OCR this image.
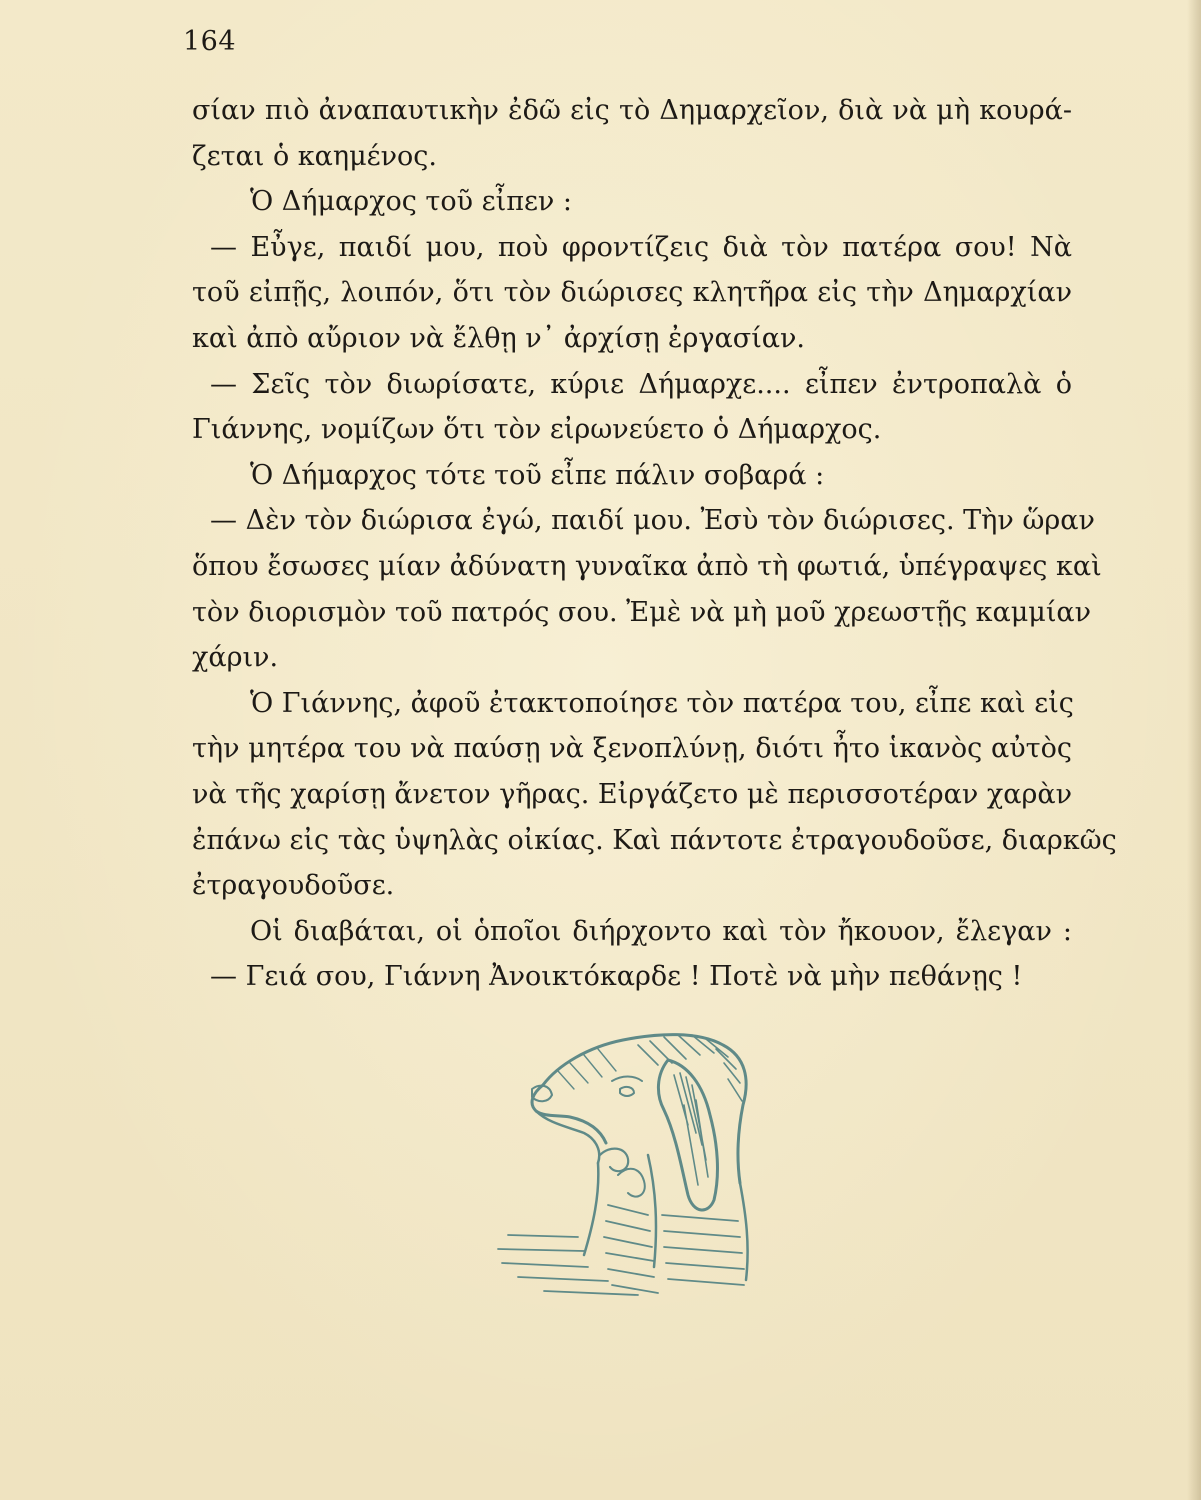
164
σίαν πιὸ ἀναπαυτικὴν ἐδῶ εἰς τὸ Δημαρχεῖον, διὰ νὰ μὴ κουρά-
ζεται ὁ καημένος.
Ὁ Δήμαρχος τοῦ εἶπεν :
— Εὖγε, παιδί μου, ποὺ φροντίζεις διὰ τὸν πατέρα σου! Νὰ
τοῦ εἰπῇς, λοιπόν, ὅτι τὸν διώρισες κλητῆρα εἰς τὴν Δημαρχίαν
καὶ ἀπὸ αὔριον νὰ ἔλθῃ ν᾽ ἀρχίσῃ ἐργασίαν.
— Σεῖς τὸν διωρίσατε, κύριε Δήμαρχε.... εἶπεν ἐντροπαλὰ ὁ
Γιάννης, νομίζων ὅτι τὸν εἰρωνεύετο ὁ Δήμαρχος.
Ὁ Δήμαρχος τότε τοῦ εἶπε πάλιν σοβαρά :
— Δὲν τὸν διώρισα ἐγώ, παιδί μου. Ἐσὺ τὸν διώρισες. Τὴν ὥραν
ὅπου ἔσωσες μίαν ἀδύνατη γυναῖκα ἀπὸ τὴ φωτιά, ὑπέγραψες καὶ
τὸν διορισμὸν τοῦ πατρός σου. Ἐμὲ νὰ μὴ μοῦ χρεωστῇς καμμίαν
χάριν.
Ὁ Γιάννης, ἀφοῦ ἐτακτοποίησε τὸν πατέρα του, εἶπε καὶ εἰς
τὴν μητέρα του νὰ παύσῃ νὰ ξενοπλύνῃ, διότι ἦτο ἱκανὸς αὐτὸς
νὰ τῆς χαρίσῃ ἄνετον γῆρας. Εἰργάζετο μὲ περισσοτέραν χαρὰν
ἐπάνω εἰς τὰς ὑψηλὰς οἰκίας. Καὶ πάντοτε ἐτραγουδοῦσε, διαρκῶς
ἐτραγουδοῦσε.
Οἱ διαβάται, οἱ ὁποῖοι διήρχοντο καὶ τὸν ἤκουον, ἔλεγαν :
— Γειά σου, Γιάννη Ἀνοικτόκαρδε ! Ποτὲ νὰ μὴν πεθάνῃς !
